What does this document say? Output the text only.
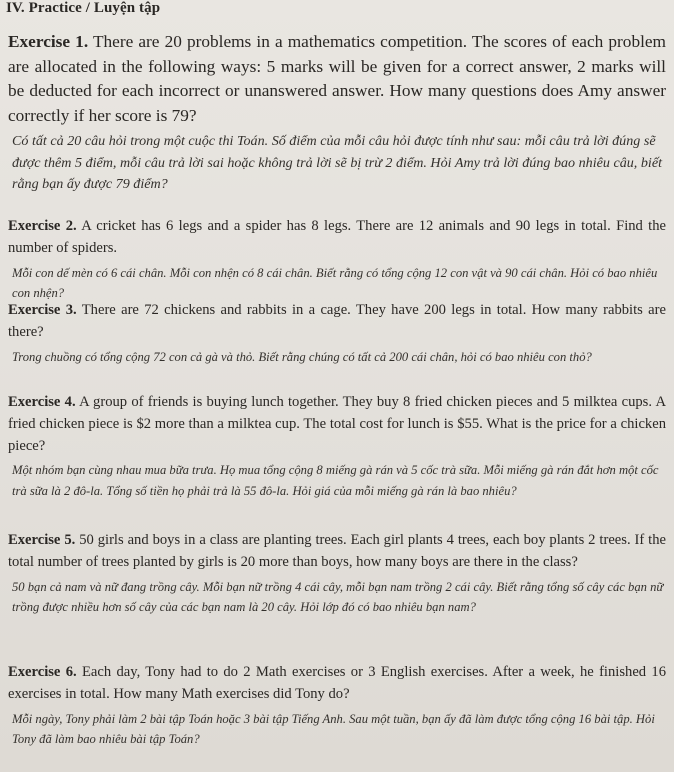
IV. Practice / Luyện tập

Exercise 1. There are 20 problems in a mathematics competition. The scores of each problem are allocated in the following ways: 5 marks will be given for a correct answer, 2 marks will be deducted for each incorrect or unanswered answer. How many questions does Amy answer correctly if her score is 79?

Có tất cả 20 câu hỏi trong một cuộc thi Toán. Số điểm của mỗi câu hỏi được tính như sau: mỗi câu trả lời đúng sẽ được thêm 5 điểm, mỗi câu trả lời sai hoặc không trả lời sẽ bị trừ 2 điểm. Hỏi Amy trả lời đúng bao nhiêu câu, biết rằng bạn ấy được 79 điểm?

Exercise 2. A cricket has 6 legs and a spider has 8 legs. There are 12 animals and 90 legs in total. Find the number of spiders.

Mỗi con dế mèn có 6 cái chân. Mỗi con nhện có 8 cái chân. Biết rằng có tổng cộng 12 con vật và 90 cái chân. Hỏi có bao nhiêu con nhện?

Exercise 3. There are 72 chickens and rabbits in a cage. They have 200 legs in total. How many rabbits are there?

Trong chuồng có tổng cộng 72 con cả gà và thỏ. Biết rằng chúng có tất cả 200 cái chân, hỏi có bao nhiêu con thỏ?

Exercise 4. A group of friends is buying lunch together. They buy 8 fried chicken pieces and 5 milktea cups. A fried chicken piece is $2 more than a milktea cup. The total cost for lunch is $55. What is the price for a chicken piece?

Một nhóm bạn cùng nhau mua bữa trưa. Họ mua tổng cộng 8 miếng gà rán và 5 cốc trà sữa. Mỗi miếng gà rán đắt hơn một cốc trà sữa là 2 đô-la. Tổng số tiền họ phải trả là 55 đô-la. Hỏi giá của mỗi miếng gà rán là bao nhiêu?

Exercise 5. 50 girls and boys in a class are planting trees. Each girl plants 4 trees, each boy plants 2 trees. If the total number of trees planted by girls is 20 more than boys, how many boys are there in the class?

50 bạn cả nam và nữ đang trồng cây. Mỗi bạn nữ trồng 4 cái cây, mỗi bạn nam trồng 2 cái cây. Biết rằng tổng số cây các bạn nữ trồng được nhiều hơn số cây của các bạn nam là 20 cây. Hỏi lớp đó có bao nhiêu bạn nam?

Exercise 6. Each day, Tony had to do 2 Math exercises or 3 English exercises. After a week, he finished 16 exercises in total. How many Math exercises did Tony do?

Mỗi ngày, Tony phải làm 2 bài tập Toán hoặc 3 bài tập Tiếng Anh. Sau một tuần, bạn ấy đã làm được tổng cộng 16 bài tập. Hỏi Tony đã làm bao nhiêu bài tập Toán?
